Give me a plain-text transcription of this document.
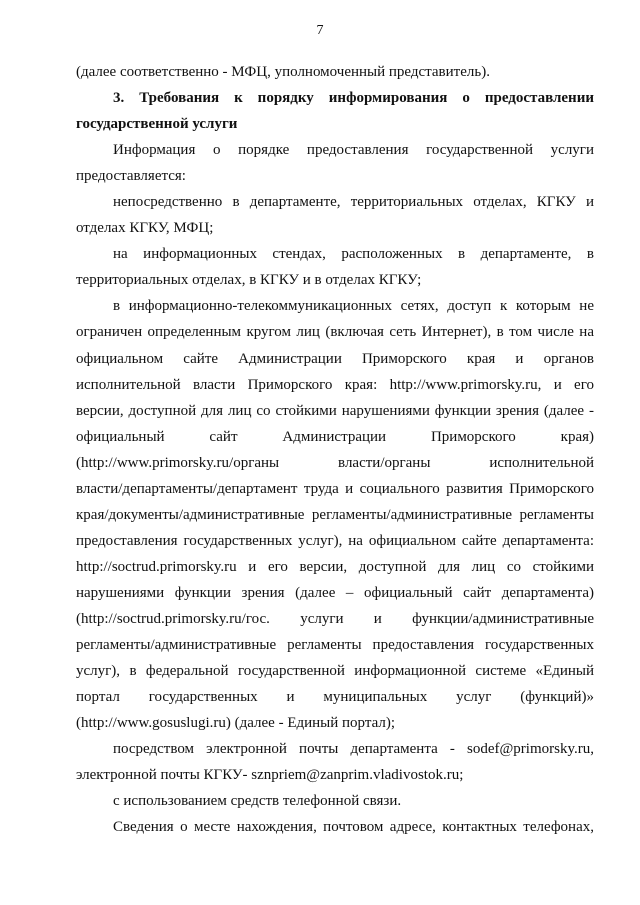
7
(далее соответственно - МФЦ, уполномоченный представитель).
3. Требования к порядку информирования о предоставлении
государственной услуги
Информация о порядке предоставления государственной услуги
предоставляется:
непосредственно в департаменте, территориальных отделах, КГКУ и
отделах КГКУ, МФЦ;
на информационных стендах, расположенных в департаменте, в
территориальных отделах, в КГКУ и в отделах КГКУ;
в информационно-телекоммуникационных сетях, доступ к которым не
ограничен определенным кругом лиц (включая сеть Интернет), в том числе на
официальном сайте Администрации Приморского края и органов
исполнительной власти Приморского края: http://www.primorsky.ru, и его
версии, доступной для лиц со стойкими нарушениями функции зрения (далее -
официальный сайт Администрации Приморского края)
(http://www.primorsky.ru/органы власти/органы исполнительной
власти/департаменты/департамент труда и социального развития Приморского
края/документы/административные регламенты/административные регламенты
предоставления государственных услуг), на официальном сайте департамента:
http://soctrud.primorsky.ru и его версии, доступной для лиц со стойкими
нарушениями функции зрения (далее – официальный сайт департамента)
(http://soctrud.primorsky.ru/гос. услуги и функции/административные
регламенты/административные регламенты предоставления государственных
услуг), в федеральной государственной информационной системе «Единый
портал государственных и муниципальных услуг (функций)»
(http://www.gosuslugi.ru) (далее - Единый портал);
посредством электронной почты департамента - sodef@primorsky.ru,
электронной почты КГКУ- sznpriem@zanprim.vladivostok.ru;
с использованием средств телефонной связи.
Сведения о месте нахождения, почтовом адресе, контактных телефонах,
